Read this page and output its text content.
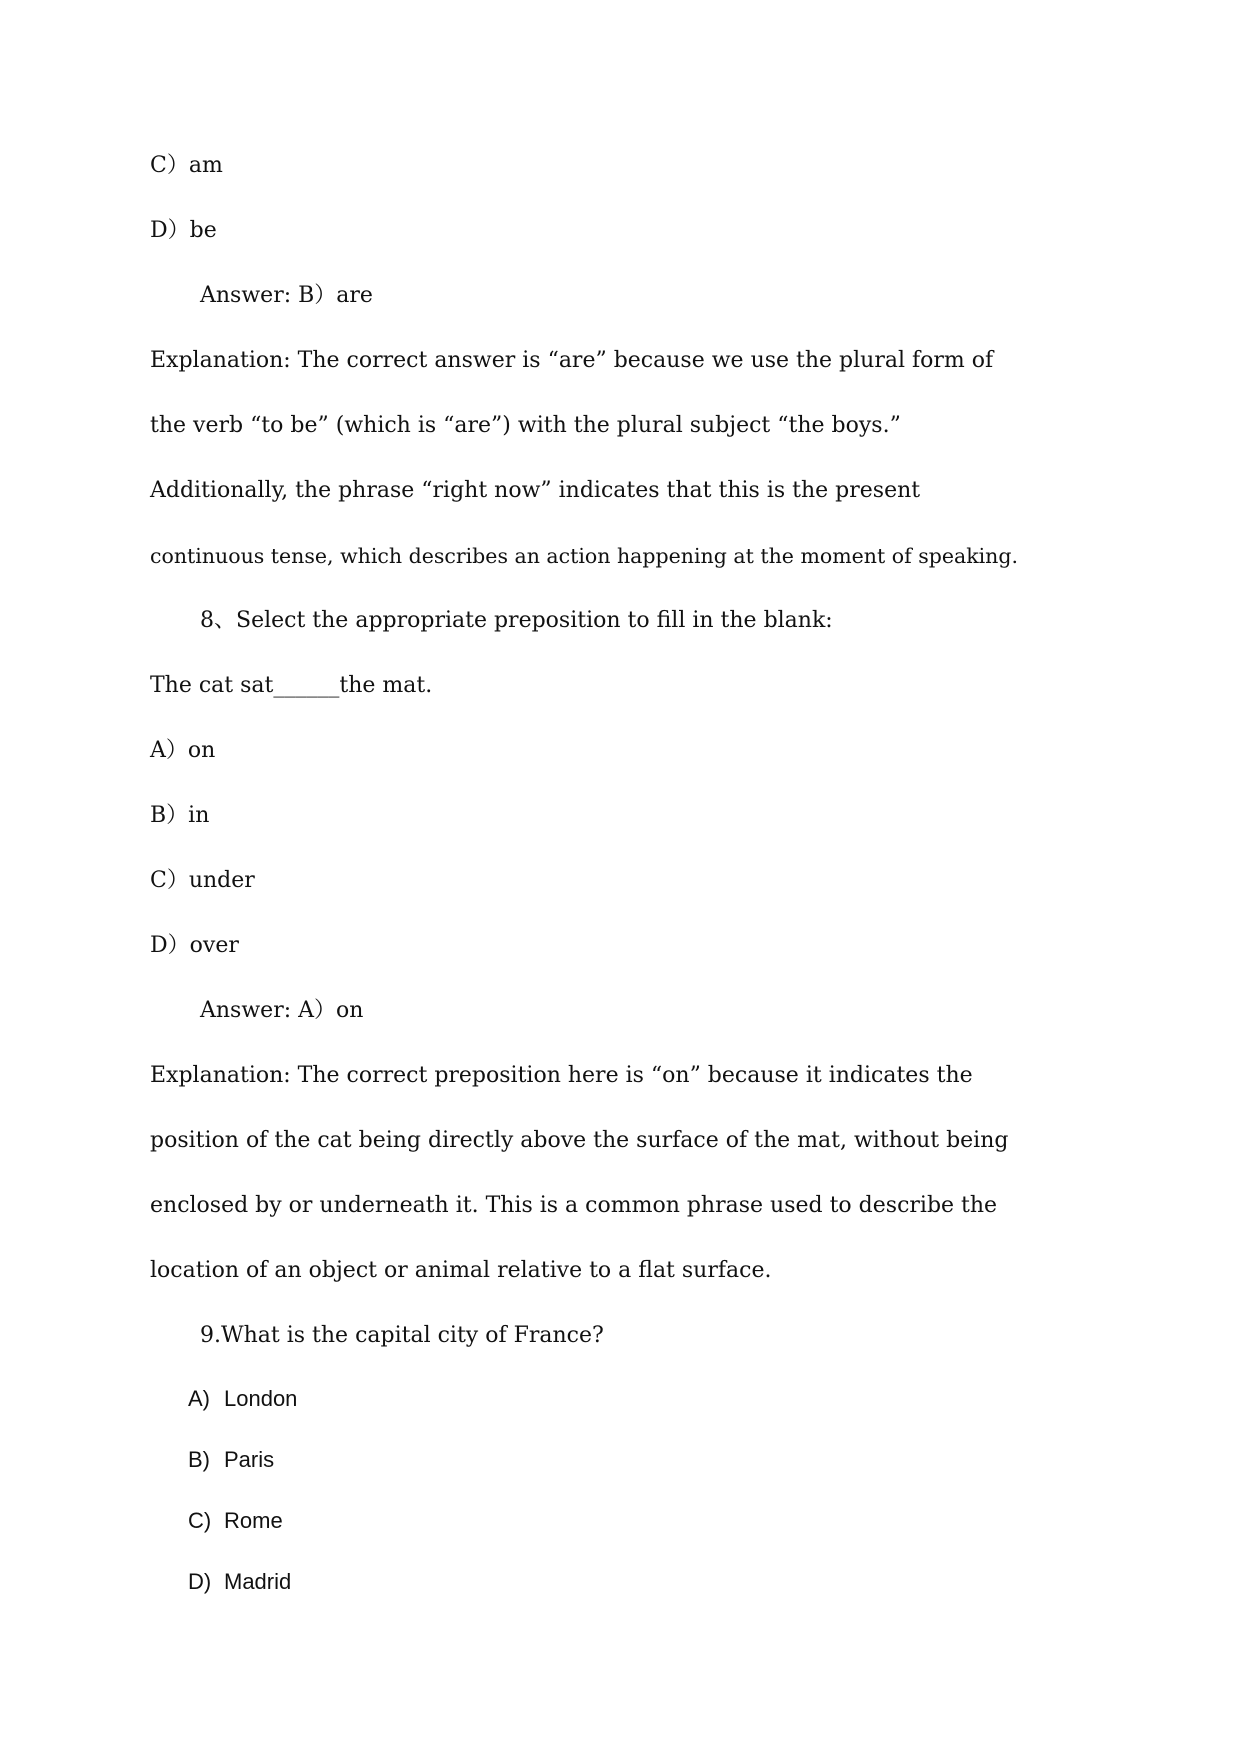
C）am
D）be
Answer: B）are
Explanation: The correct answer is “are” because we use the plural form of
the verb “to be” (which is “are”) with the plural subject “the boys.”
Additionally, the phrase “right now” indicates that this is the present
continuous tense, which describes an action happening at the moment of speaking.
8、Select the appropriate preposition to fill in the blank:
The cat sat______the mat.
A）on
B）in
C）under
D）over
Answer: A）on
Explanation: The correct preposition here is “on” because it indicates the
position of the cat being directly above the surface of the mat, without being
enclosed by or underneath it. This is a common phrase used to describe the
location of an object or animal relative to a flat surface.
9.What is the capital city of France?
A) London
B) Paris
C) Rome
D) Madrid
